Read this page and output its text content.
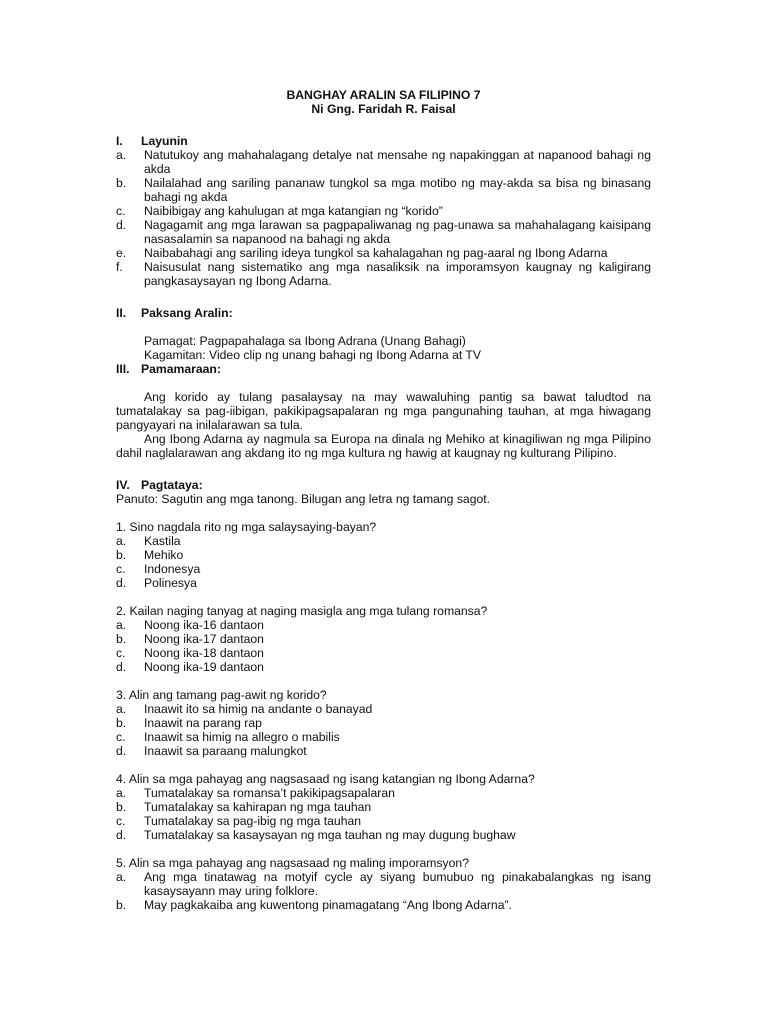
BANGHAY ARALIN SA FILIPINO 7

Ni Gng. Faridah R. Faisal

I. Layunin

a.	Natutukoy ang mahahalagang detalye nat mensahe ng napakinggan at napanood bahagi ng akda
b.	Nailalahad ang sariling pananaw tungkol sa mga motibo ng may-akda sa bisa ng binasang bahagi ng akda
c.	Naibibigay ang kahulugan at mga katangian ng “korido”
d.	Nagagamit ang mga larawan sa pagpapaliwanag ng pag-unawa sa mahahalagang kaisipang nasasalamin sa napanood na bahagi ng akda
e.	Naibabahagi ang sariling ideya tungkol sa kahalagahan ng pag-aaral ng Ibong Adarna
f.	Naisusulat nang sistematiko ang mga nasaliksik na imporamsyon kaugnay ng kaligirang pangkasaysayan ng Ibong Adarna.

II. Paksang Aralin:

Pamagat: Pagpapahalaga sa Ibong Adrana (Unang Bahagi)

Kagamitan: Video clip ng unang bahagi ng Ibong Adarna at TV

III. Pamamaraan:

Ang korido ay tulang pasalaysay na may wawaluhing pantig sa bawat taludtod na tumatalakay sa pag-iibigan, pakikipagsapalaran ng mga pangunahing tauhan, at mga hiwagang pangyayari na inilalarawan sa tula.

Ang Ibong Adarna ay nagmula sa Europa na dinala ng Mehiko at kinagiliwan ng mga Pilipino dahil naglalarawan ang akdang ito ng mga kultura ng hawig at kaugnay ng kulturang Pilipino.

IV. Pagtataya:

Panuto: Sagutin ang mga tanong. Bilugan ang letra ng tamang sagot.

1. Sino nagdala rito ng mga salaysaying-bayan?

a.	Kastila
b.	Mehiko
c.	Indonesya
d.	Polinesya

2. Kailan naging tanyag at naging masigla ang mga tulang romansa?

a.	Noong ika-16 dantaon
b.	Noong ika-17 dantaon
c.	Noong ika-18 dantaon
d.	Noong ika-19 dantaon

3. Alin ang tamang pag-awit ng korido?

a.	Inaawit ito sa himig na andante o banayad
b.	Inaawit na parang rap
c.	Inaawit sa himig na allegro o mabilis
d.	Inaawit sa paraang malungkot

4. Alin sa mga pahayag ang nagsasaad ng isang katangian ng Ibong Adarna?

a.	Tumatalakay sa romansa’t pakikipagsapalaran
b.	Tumatalakay sa kahirapan ng mga tauhan
c.	Tumatalakay sa pag-ibig ng mga tauhan
d.	Tumatalakay sa kasaysayan ng mga tauhan ng may dugung bughaw

5. Alin sa mga pahayag ang nagsasaad ng maling imporamsyon?

a.	Ang mga tinatawag na motyif cycle ay siyang bumubuo ng pinakabalangkas ng isang kasaysayann may uring folklore.
b.	May pagkakaiba ang kuwentong pinamagatang “Ang Ibong Adarna”.
